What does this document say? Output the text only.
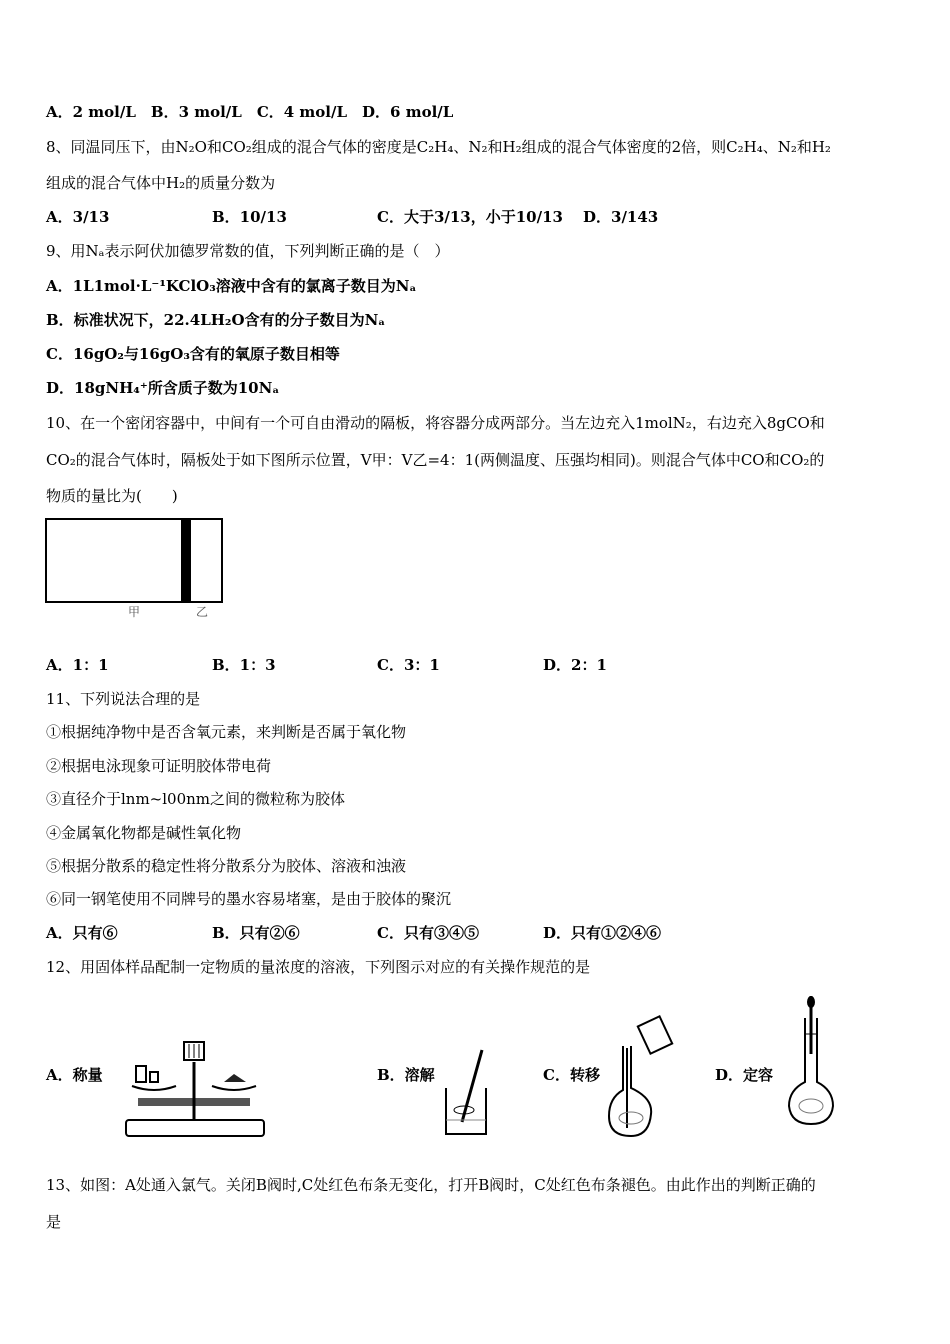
A．2 mol/L　B．3 mol/L　C．4 mol/L　D．6 mol/L
8、同温同压下，由N₂O和CO₂组成的混合气体的密度是C₂H₄、N₂和H₂组成的混合气体密度的2倍，则C₂H₄、N₂和H₂
组成的混合气体中H₂的质量分数为
A．3/13	B．10/13	C．大于3/13，小于10/13 D．3/143
9、用Nₐ表示阿伏加德罗常数的值，下列判断正确的是（　）
A．1L1mol·L⁻¹KClO₃溶液中含有的氯离子数目为Nₐ
B．标准状况下，22.4LH₂O含有的分子数目为Nₐ
C．16gO₂与16gO₃含有的氧原子数目相等
D．18gNH₄⁺所含质子数为10Nₐ
10、在一个密闭容器中，中间有一个可自由滑动的隔板，将容器分成两部分。当左边充入1molN₂，右边充入8gCO和
CO₂的混合气体时，隔板处于如下图所示位置，V甲：V乙=4：1(两侧温度、压强均相同)。则混合气体中CO和CO₂的
物质的量比为(　　)
甲	乙
A．1：1	B．1：3	C．3：1	D．2：1
11、下列说法合理的是
①根据纯净物中是否含氧元素，来判断是否属于氧化物
②根据电泳现象可证明胶体带电荷
③直径介于lnm~l00nm之间的微粒称为胶体
④金属氧化物都是碱性氧化物
⑤根据分散系的稳定性将分散系分为胶体、溶液和浊液
⑥同一钢笔使用不同牌号的墨水容易堵塞，是由于胶体的聚沉
A．只有⑥	B．只有②⑥	C．只有③④⑤	D．只有①②④⑥
12、用固体样品配制一定物质的量浓度的溶液，下列图示对应的有关操作规范的是
A．称量	B．溶解	C．转移	D．定容
13、如图：A处通入氯气。关闭B阀时,C处红色布条无变化，打开B阀时，C处红色布条褪色。由此作出的判断正确的
是
